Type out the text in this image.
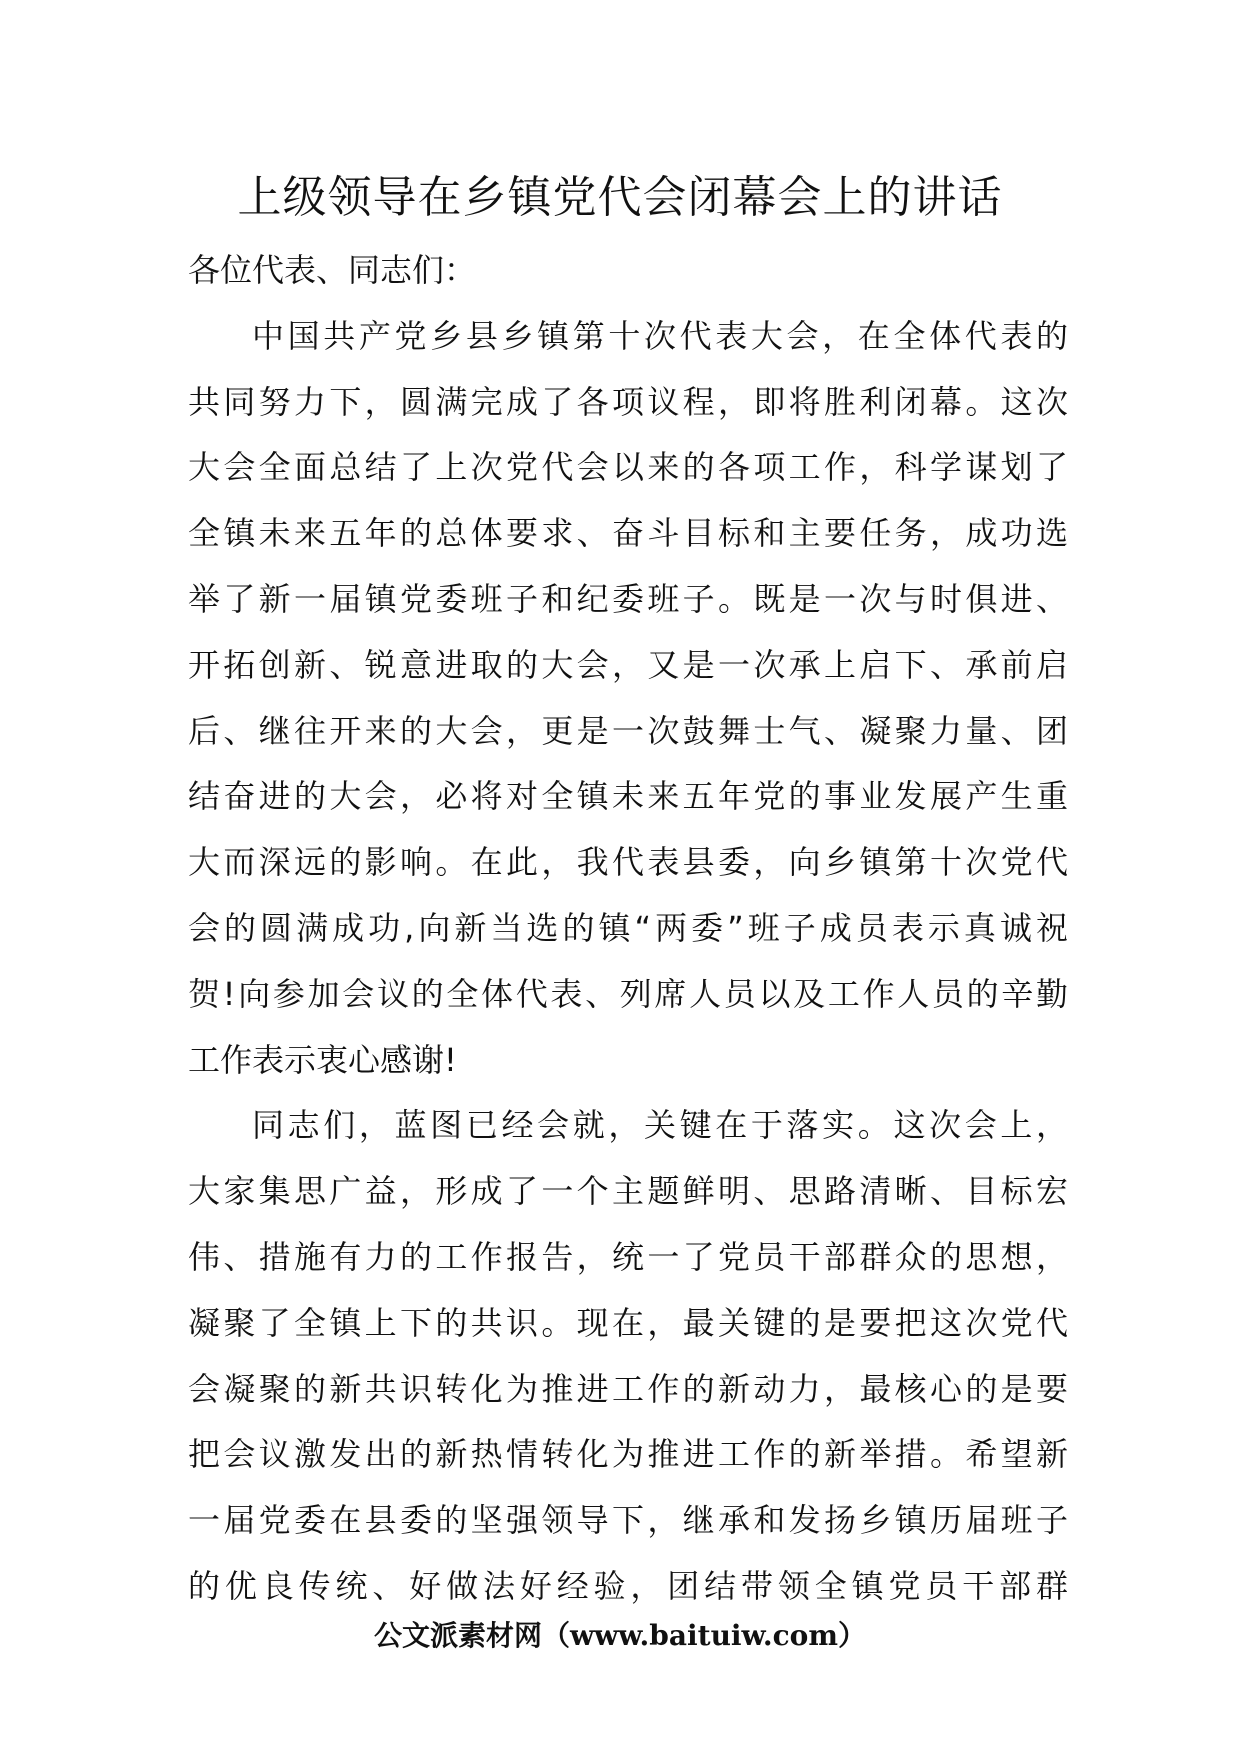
上级领导在乡镇党代会闭幕会上的讲话
各位代表、同志们：
中国共产党乡县乡镇第十次代表大会，在全体代表的
共同努力下，圆满完成了各项议程，即将胜利闭幕。这次
大会全面总结了上次党代会以来的各项工作，科学谋划了
全镇未来五年的总体要求、奋斗目标和主要任务，成功选
举了新一届镇党委班子和纪委班子。既是一次与时俱进、
开拓创新、锐意进取的大会，又是一次承上启下、承前启
后、继往开来的大会，更是一次鼓舞士气、凝聚力量、团
结奋进的大会，必将对全镇未来五年党的事业发展产生重
大而深远的影响。在此，我代表县委，向乡镇第十次党代
会的圆满成功,向新当选的镇“两委”班子成员表示真诚祝
贺!向参加会议的全体代表、列席人员以及工作人员的辛勤
工作表示衷心感谢!
同志们，蓝图已经会就，关键在于落实。这次会上，
大家集思广益，形成了一个主题鲜明、思路清晰、目标宏
伟、措施有力的工作报告，统一了党员干部群众的思想，
凝聚了全镇上下的共识。现在，最关键的是要把这次党代
会凝聚的新共识转化为推进工作的新动力，最核心的是要
把会议激发出的新热情转化为推进工作的新举措。希望新
一届党委在县委的坚强领导下，继承和发扬乡镇历届班子
的优良传统、好做法好经验，团结带领全镇党员干部群
公文派素材网（www.baituiw.com）
